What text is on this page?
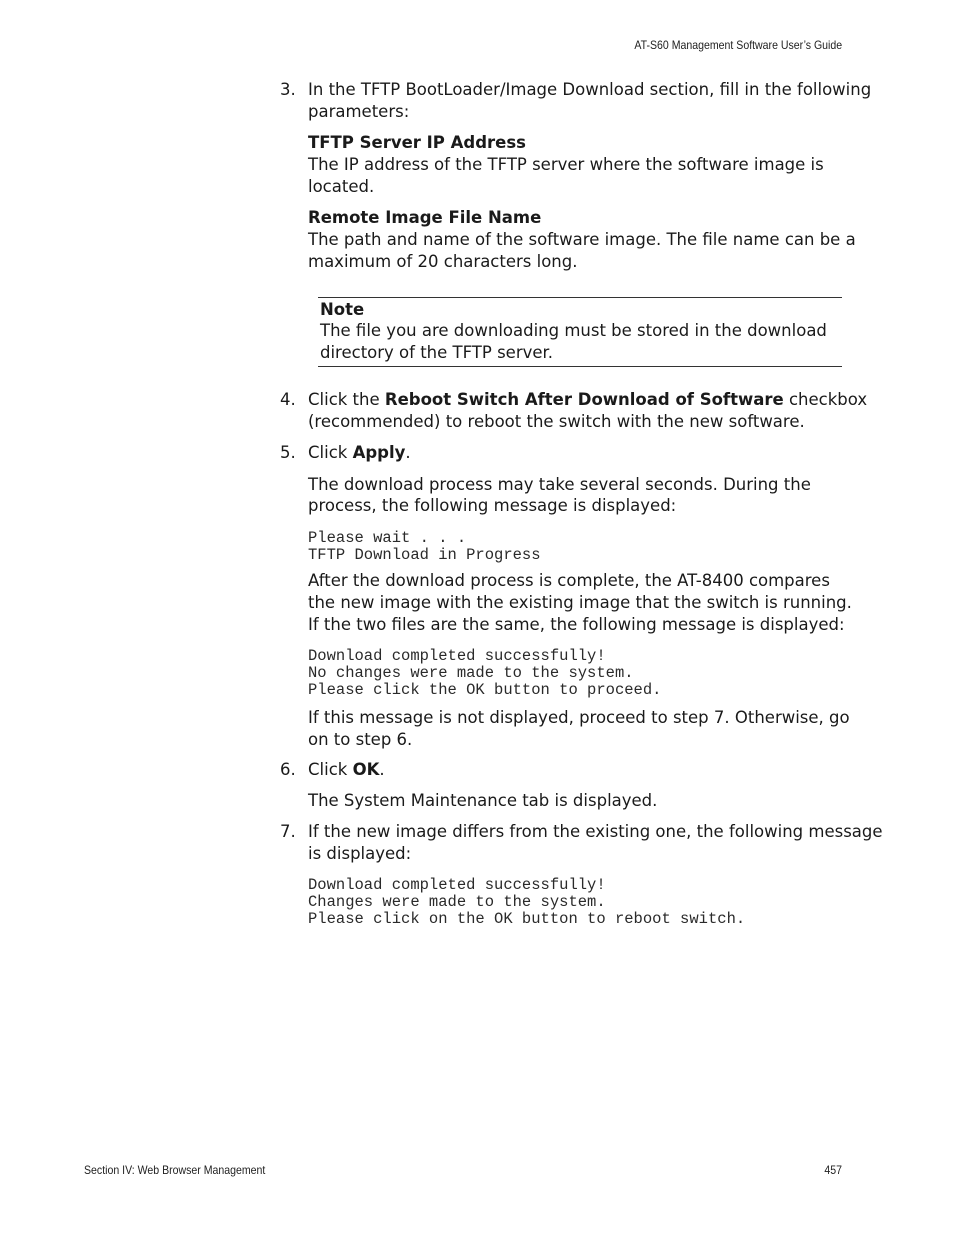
AT-S60 Management Software User’s Guide
3. In the TFTP BootLoader/Image Download section, fill in the following
parameters:
TFTP Server IP Address
The IP address of the TFTP server where the software image is
located.
Remote Image File Name
The path and name of the software image. The file name can be a
maximum of 20 characters long.
Note
The file you are downloading must be stored in the download
directory of the TFTP server.
4. Click the Reboot Switch After Download of Software checkbox
(recommended) to reboot the switch with the new software.
5. Click Apply.
The download process may take several seconds. During the
process, the following message is displayed:
Please wait . . .
TFTP Download in Progress
After the download process is complete, the AT-8400 compares
the new image with the existing image that the switch is running.
If the two files are the same, the following message is displayed:
Download completed successfully!
No changes were made to the system.
Please click the OK button to proceed.
If this message is not displayed, proceed to step 7. Otherwise, go
on to step 6.
6. Click OK.
The System Maintenance tab is displayed.
7. If the new image differs from the existing one, the following message
is displayed:
Download completed successfully!
Changes were made to the system.
Please click on the OK button to reboot switch.
Section IV: Web Browser Management	457
